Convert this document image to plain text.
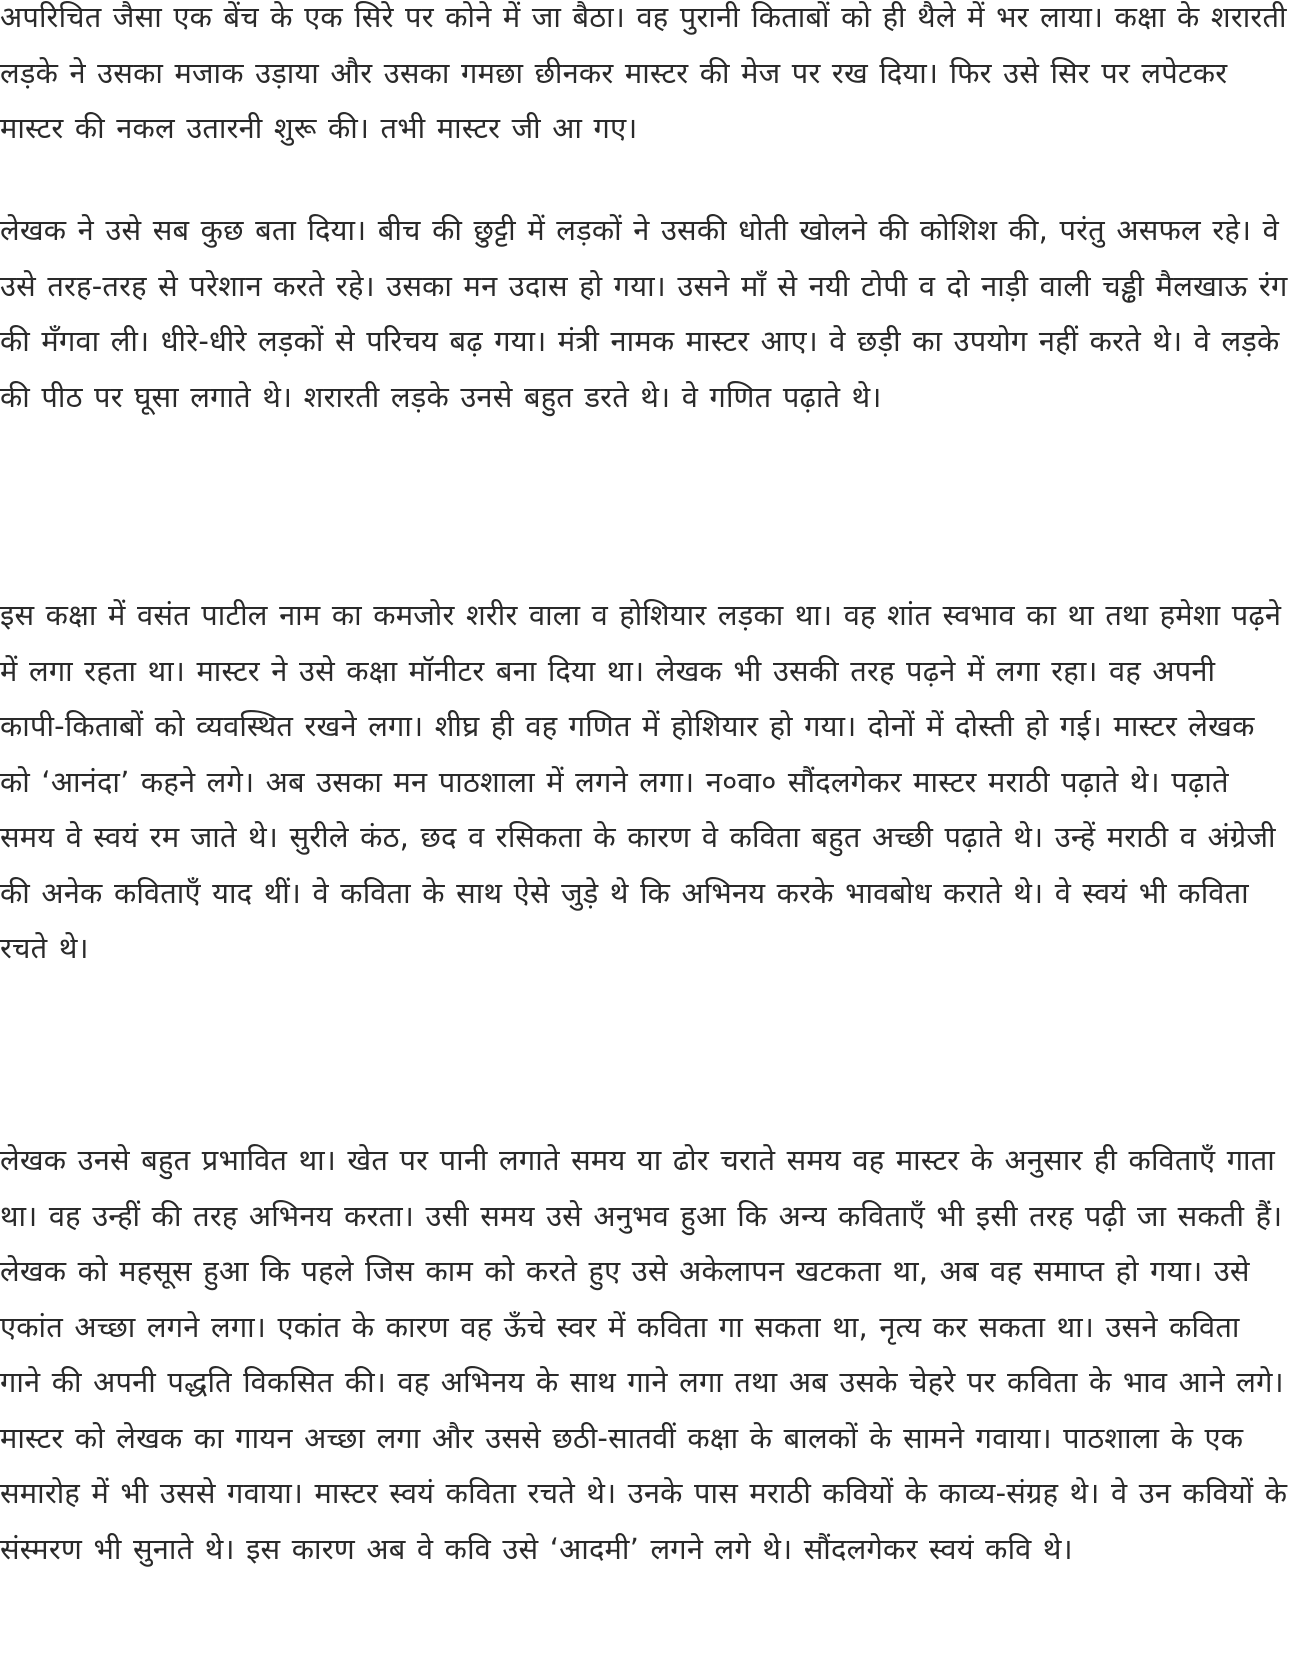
अपरिचित जैसा एक बेंच के एक सिरे पर कोने में जा बैठा। वह पुरानी किताबों को ही थैले में भर लाया। कक्षा के शरारती लड़के ने उसका मजाक उड़ाया और उसका गमछा छीनकर मास्टर की मेज पर रख दिया। फिर उसे सिर पर लपेटकर मास्टर की नकल उतारनी शुरू की। तभी मास्टर जी आ गए।

लेखक ने उसे सब कुछ बता दिया। बीच की छुट्टी में लड़कों ने उसकी धोती खोलने की कोशिश की, परंतु असफल रहे। वे उसे तरह-तरह से परेशान करते रहे। उसका मन उदास हो गया। उसने माँ से नयी टोपी व दो नाड़ी वाली चड्ढी मैलखाऊ रंग की मँगवा ली। धीरे-धीरे लड़कों से परिचय बढ़ गया। मंत्री नामक मास्टर आए। वे छड़ी का उपयोग नहीं करते थे। वे लड़के की पीठ पर घूसा लगाते थे। शरारती लड़के उनसे बहुत डरते थे। वे गणित पढ़ाते थे।

इस कक्षा में वसंत पाटील नाम का कमजोर शरीर वाला व होशियार लड़का था। वह शांत स्वभाव का था तथा हमेशा पढ़ने में लगा रहता था। मास्टर ने उसे कक्षा मॉनीटर बना दिया था। लेखक भी उसकी तरह पढ़ने में लगा रहा। वह अपनी कापी-किताबों को व्यवस्थित रखने लगा। शीघ्र ही वह गणित में होशियार हो गया। दोनों में दोस्ती हो गई। मास्टर लेखक को ‘आनंदा’ कहने लगे। अब उसका मन पाठशाला में लगने लगा। न०वा० सौंदलगेकर मास्टर मराठी पढ़ाते थे। पढ़ाते समय वे स्वयं रम जाते थे। सुरीले कंठ, छद व रसिकता के कारण वे कविता बहुत अच्छी पढ़ाते थे। उन्हें मराठी व अंग्रेजी की अनेक कविताएँ याद थीं। वे कविता के साथ ऐसे जुड़े थे कि अभिनय करके भावबोध कराते थे। वे स्वयं भी कविता रचते थे।

लेखक उनसे बहुत प्रभावित था। खेत पर पानी लगाते समय या ढोर चराते समय वह मास्टर के अनुसार ही कविताएँ गाता था। वह उन्हीं की तरह अभिनय करता। उसी समय उसे अनुभव हुआ कि अन्य कविताएँ भी इसी तरह पढ़ी जा सकती हैं। लेखक को महसूस हुआ कि पहले जिस काम को करते हुए उसे अकेलापन खटकता था, अब वह समाप्त हो गया। उसे एकांत अच्छा लगने लगा। एकांत के कारण वह ऊँचे स्वर में कविता गा सकता था, नृत्य कर सकता था। उसने कविता गाने की अपनी पद्धति विकसित की। वह अभिनय के साथ गाने लगा तथा अब उसके चेहरे पर कविता के भाव आने लगे। मास्टर को लेखक का गायन अच्छा लगा और उससे छठी-सातवीं कक्षा के बालकों के सामने गवाया। पाठशाला के एक समारोह में भी उससे गवाया। मास्टर स्वयं कविता रचते थे। उनके पास मराठी कवियों के काव्य-संग्रह थे। वे उन कवियों के संस्मरण भी सुनाते थे। इस कारण अब वे कवि उसे ‘आदमी’ लगने लगे थे। सौंदलगेकर स्वयं कवि थे।
